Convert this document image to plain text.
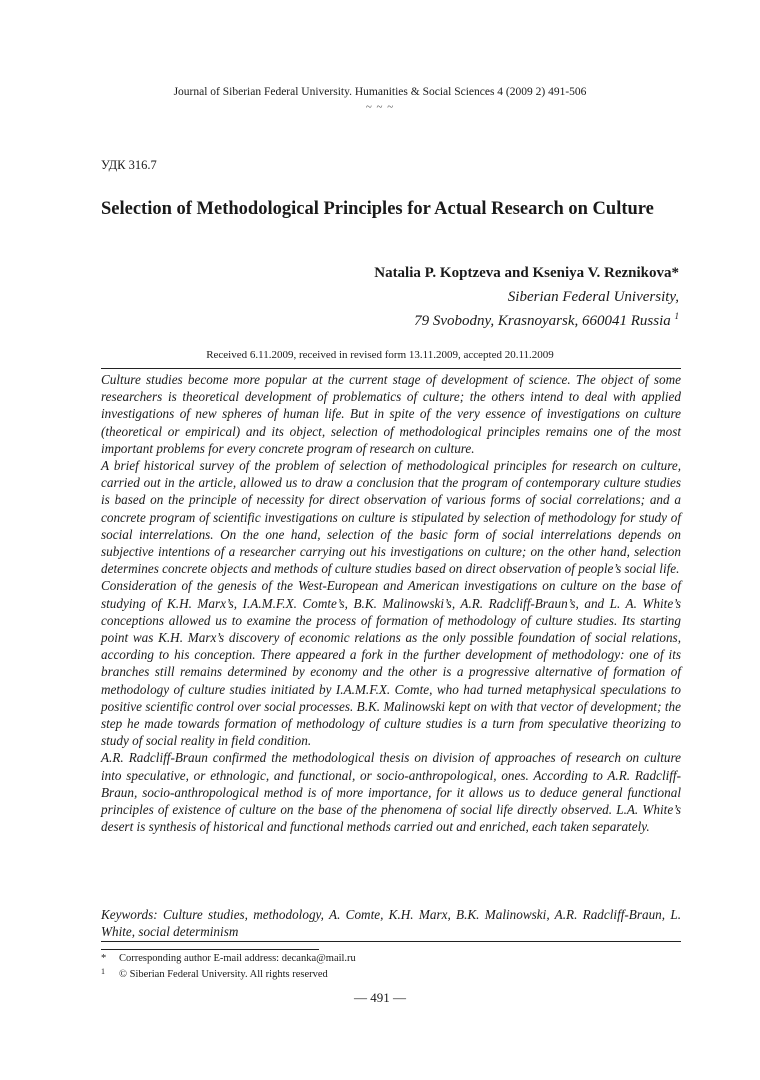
Journal of Siberian Federal University. Humanities & Social Sciences 4 (2009 2) 491-506
~ ~ ~
УДК 316.7
Selection of Methodological Principles for Actual Research on Culture
Natalia P. Koptzeva and Kseniya V. Reznikova*
Siberian Federal University,
79 Svobodny, Krasnoyarsk, 660041 Russia $^1$
Received 6.11.2009, received in revised form 13.11.2009, accepted 20.11.2009

Culture studies become more popular at the current stage of development of science. The object of some researchers is theoretical development of problematics of culture; the others intend to deal with applied investigations of new spheres of human life. But in spite of the very essence of investigations on culture (theoretical or empirical) and its object, selection of methodological principles remains one of the most important problems for every concrete program of research on culture.

A brief historical survey of the problem of selection of methodological principles for research on culture, carried out in the article, allowed us to draw a conclusion that the program of contemporary culture studies is based on the principle of necessity for direct observation of various forms of social correlations; and a concrete program of scientific investigations on culture is stipulated by selection of methodology for study of social interrelations. On the one hand, selection of the basic form of social interrelations depends on subjective intentions of a researcher carrying out his investigations on culture; on the other hand, selection determines concrete objects and methods of culture studies based on direct observation of people’s social life.

Consideration of the genesis of the West-European and American investigations on culture on the base of studying of K.H. Marx’s, I.A.M.F.X. Comte’s, B.K. Malinowski’s, A.R. Radcliff-Braun’s, and L. A. White’s conceptions allowed us to examine the process of formation of methodology of culture studies. Its starting point was K.H. Marx’s discovery of economic relations as the only possible foundation of social relations, according to his conception. There appeared a fork in the further development of methodology: one of its branches still remains determined by economy and the other is a progressive alternative of formation of methodology of culture studies initiated by I.A.M.F.X. Comte, who had turned metaphysical speculations to positive scientific control over social processes. B.K. Malinowski kept on with that vector of development; the step he made towards formation of methodology of culture studies is a turn from speculative theorizing to study of social reality in field condition.

A.R. Radcliff-Braun confirmed the methodological thesis on division of approaches of research on culture into speculative, or ethnologic, and functional, or socio-anthropological, ones. According to A.R. Radcliff-Braun, socio-anthropological method is of more importance, for it allows us to deduce general functional principles of existence of culture on the base of the phenomena of social life directly observed. L.A. White’s desert is synthesis of historical and functional methods carried out and enriched, each taken separately.

Keywords: Culture studies, methodology, A. Comte, K.H. Marx, B.K. Malinowski, A.R. Radcliff-Braun, L. White, social determinism
* Corresponding author E-mail address: decanka@mail.ru
1 © Siberian Federal University. All rights reserved
— 491 —
